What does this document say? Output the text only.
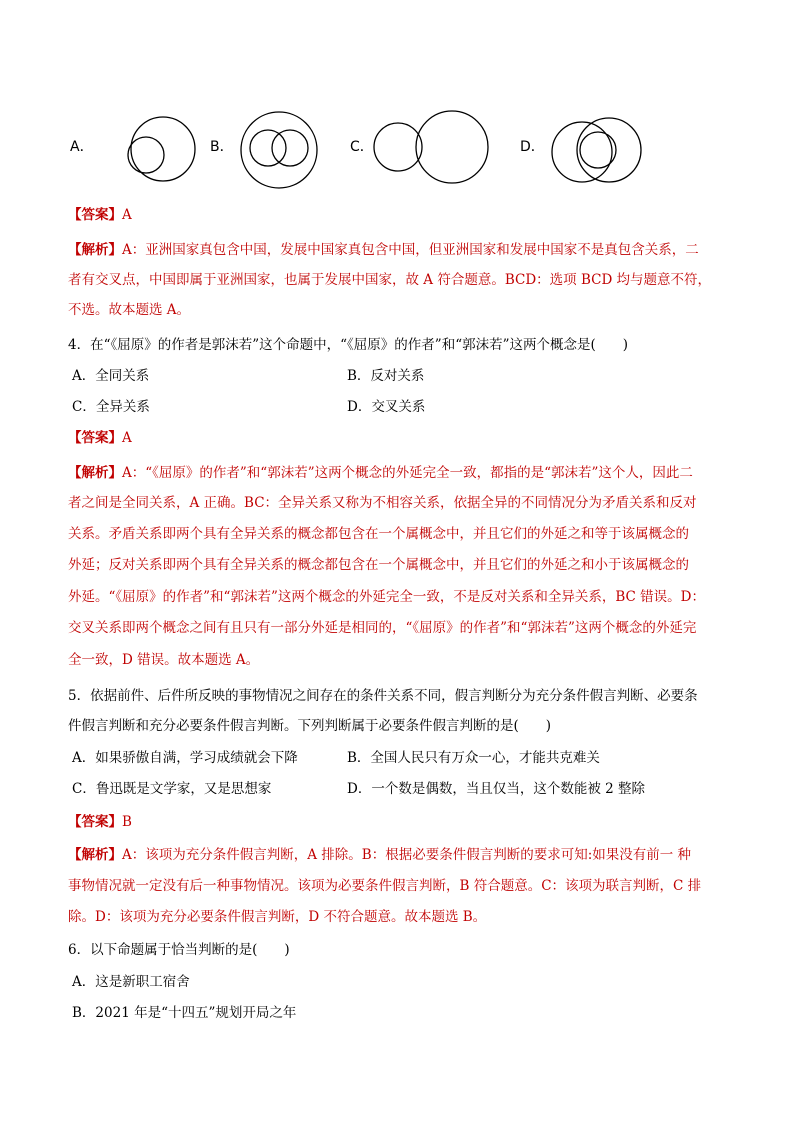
A．	B．	C．	D．
【答案】A
【解析】A：亚洲国家真包含中国，发展中国家真包含中国，但亚洲国家和发展中国家不是真包含关系，二
者有交叉点，中国即属于亚洲国家，也属于发展中国家，故 A 符合题意。BCD：选项 BCD 均与题意不符，
不选。故本题选 A。
4．在“《屈原》的作者是郭沫若”这个命题中，“《屈原》的作者”和“郭沫若”这两个概念是(　　)
A．全同关系	B．反对关系
C．全异关系	D．交叉关系
【答案】A
【解析】A：“《屈原》的作者”和“郭沫若”这两个概念的外延完全一致，都指的是“郭沫若”这个人，因此二
者之间是全同关系，A 正确。BC：全异关系又称为不相容关系，依据全异的不同情况分为矛盾关系和反对
关系。矛盾关系即两个具有全异关系的概念都包含在一个属概念中，并且它们的外延之和等于该属概念的
外延；反对关系即两个具有全异关系的概念都包含在一个属概念中，并且它们的外延之和小于该属概念的
外延。“《屈原》的作者”和“郭沫若”这两个概念的外延完全一致，不是反对关系和全异关系，BC 错误。D：
交叉关系即两个概念之间有且只有一部分外延是相同的，“《屈原》的作者”和“郭沫若”这两个概念的外延完
全一致，D 错误。故本题选 A。
5．依据前件、后件所反映的事物情况之间存在的条件关系不同，假言判断分为充分条件假言判断、必要条
件假言判断和充分必要条件假言判断。下列判断属于必要条件假言判断的是(　　)
A．如果骄傲自满，学习成绩就会下降	B．全国人民只有万众一心，才能共克难关
C．鲁迅既是文学家，又是思想家	D．一个数是偶数，当且仅当，这个数能被 2 整除
【答案】B
【解析】A：该项为充分条件假言判断，A 排除。B：根据必要条件假言判断的要求可知:如果没有前一 种
事物情况就一定没有后一种事物情况。该项为必要条件假言判断，B 符合题意。C：该项为联言判断，C 排
除。D：该项为充分必要条件假言判断，D 不符合题意。故本题选 B。
6．以下命题属于恰当判断的是(　　)
A．这是新职工宿舍
B．2021 年是“十四五”规划开局之年
